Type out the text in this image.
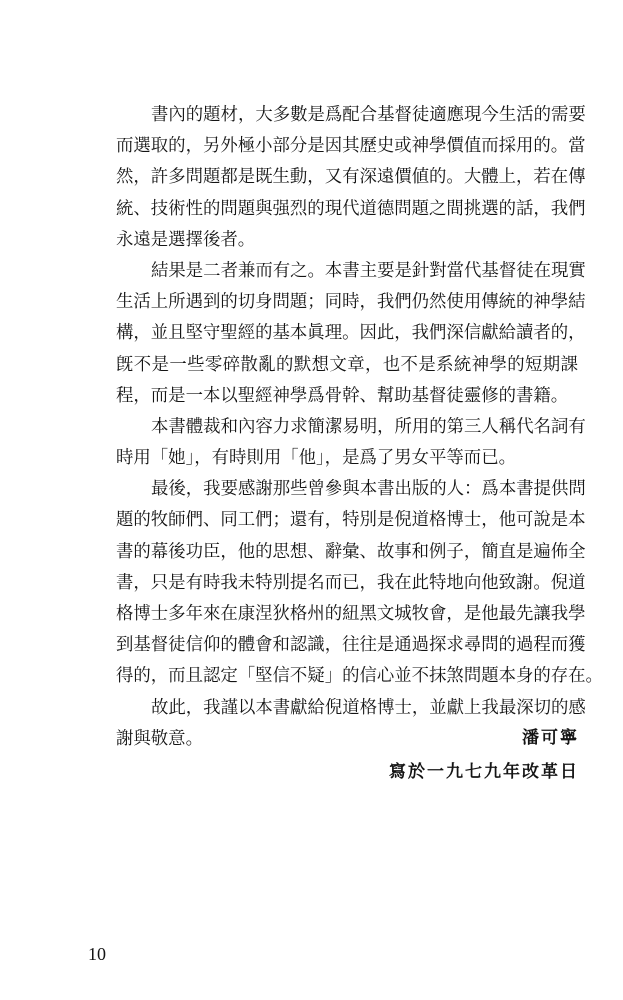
書內的題材，大多數是爲配合基督徒適應現今生活的需要
而選取的，另外極小部分是因其歷史或神學價值而採用的。當
然，許多問題都是既生動，又有深遠價値的。大體上，若在傳
統、技術性的問題與强烈的現代道德問題之間挑選的話，我們
永遠是選擇後者。
結果是二者兼而有之。本書主要是針對當代基督徒在現實
生活上所遇到的切身問題；同時，我們仍然使用傳統的神學結
構，並且堅守聖經的基本眞理。因此，我們深信獻給讀者的，
旣不是一些零碎散亂的默想文章，也不是系統神學的短期課
程，而是一本以聖經神學爲骨幹、幫助基督徒靈修的書籍。
本書體裁和內容力求簡潔易明，所用的第三人稱代名詞有
時用「她」，有時則用「他」，是爲了男女平等而已。
最後，我要感謝那些曾參與本書出版的人：爲本書提供問
題的牧師們、同工們；還有，特別是倪道格博士，他可說是本
書的幕後功臣，他的思想、辭彙、故事和例子，簡直是遍佈全
書，只是有時我未特別提名而已，我在此特地向他致謝。倪道
格博士多年來在康涅狄格州的紐黑文城牧會，是他最先讓我學
到基督徒信仰的體會和認識，往往是通過探求尋問的過程而獲
得的，而且認定「堅信不疑」的信心並不抹煞問題本身的存在。
故此，我謹以本書獻給倪道格博士，並獻上我最深切的感
謝與敬意。	潘可寧

寫於一九七九年改革日

10
